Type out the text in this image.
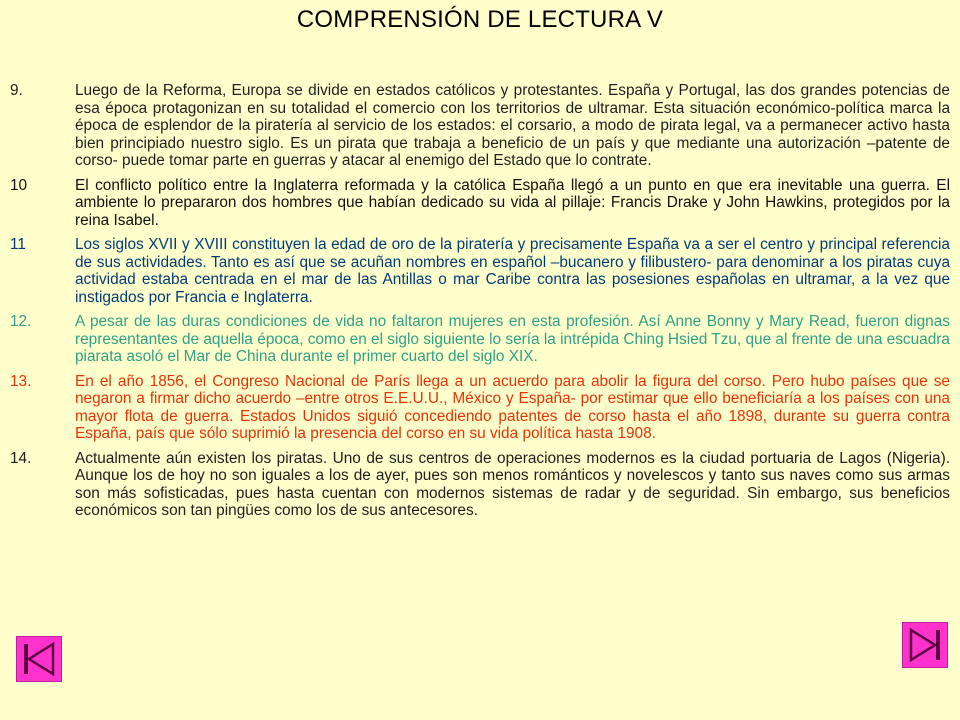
COMPRENSIÓN DE LECTURA V
9.	Luego de la Reforma, Europa se divide en estados católicos y protestantes. España y Portugal, las dos grandes potencias de esa época protagonizan en su totalidad el comercio con los territorios de ultramar. Esta situación económico-política marca la época de esplendor de la piratería al servicio de los estados: el corsario, a modo de pirata legal, va a permanecer activo hasta bien principiado nuestro siglo. Es un pirata que trabaja a beneficio de un país y que mediante una autorización –patente de corso- puede tomar parte en guerras y atacar al enemigo del Estado que lo contrate.
10	El conflicto político entre la Inglaterra reformada y la católica España llegó a un punto en que era inevitable una guerra. El ambiente lo prepararon dos hombres que habían dedicado su vida al pillaje: Francis Drake y John Hawkins, protegidos por la reina Isabel.
11	Los siglos XVII y XVIII constituyen la edad de oro de la piratería y precisamente España va a ser el centro y principal referencia de sus actividades. Tanto es así que se acuñan nombres en español –bucanero y filibustero- para denominar a los piratas cuya actividad estaba centrada en el mar de las Antillas o mar Caribe contra las posesiones españolas en ultramar, a la vez que instigados por Francia e Inglaterra.
12.	A pesar de las duras condiciones de vida no faltaron mujeres en esta profesión. Así Anne Bonny y Mary Read, fueron dignas representantes de aquella época, como en el siglo siguiente lo sería la intrépida Ching Hsied Tzu, que al frente de una escuadra piarata asoló el Mar de China durante el primer cuarto del siglo XIX.
13.	En el año 1856, el Congreso Nacional de París llega a un acuerdo para abolir la figura del corso. Pero hubo países que se negaron a firmar dicho acuerdo –entre otros E.E.U.U., México y España- por estimar que ello beneficiaría a los países con una mayor flota de guerra. Estados Unidos siguió concediendo patentes de corso hasta el año 1898, durante su guerra contra España, país que sólo suprimió la presencia del corso en su vida política hasta 1908.
14.	Actualmente aún existen los piratas. Uno de sus centros de operaciones modernos es la ciudad portuaria de Lagos (Nigeria). Aunque los de hoy no son iguales a los de ayer, pues son menos románticos y novelescos y tanto sus naves como sus armas son más sofisticadas, pues hasta cuentan con modernos sistemas de radar y de seguridad. Sin embargo, sus beneficios económicos son tan pingües como los de sus antecesores.
